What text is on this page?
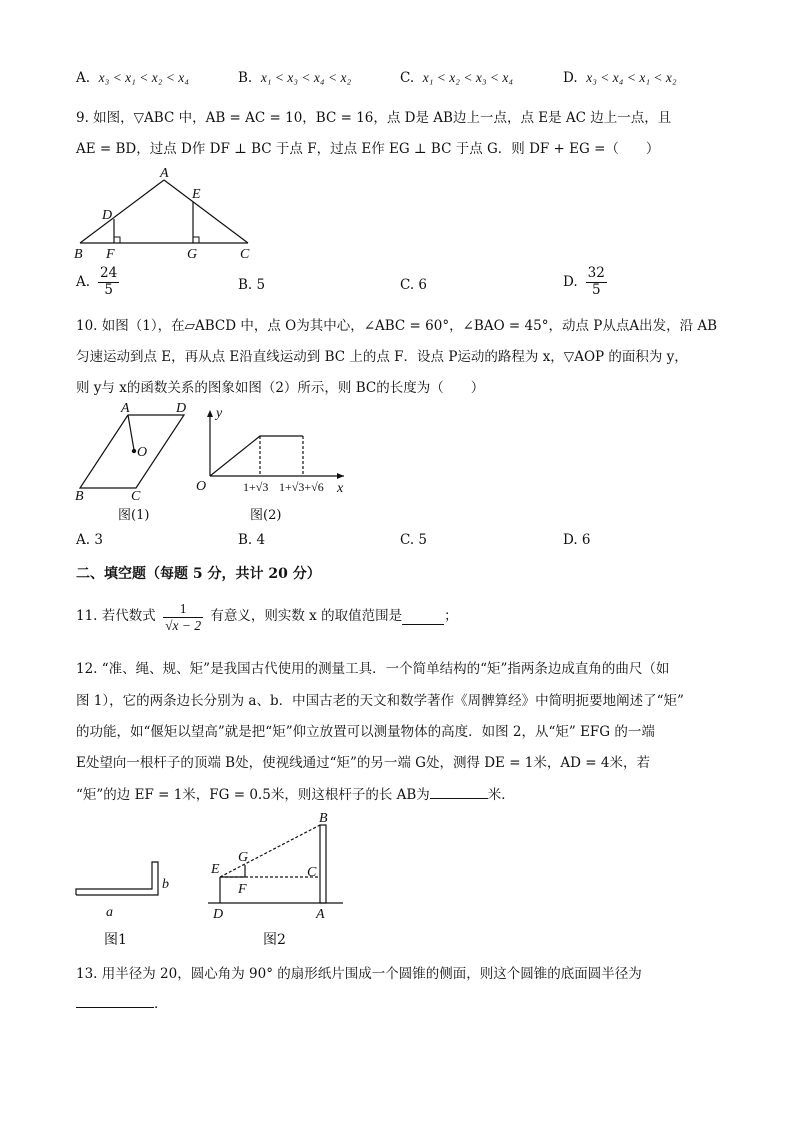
A. x₃ < x₁ < x₂ < x₄	B. x₁ < x₃ < x₄ < x₂	C. x₁ < x₂ < x₃ < x₄	D. x₃ < x₄ < x₁ < x₂
9. 如图，▽ABC 中，AB = AC = 10，BC = 16，点 D是 AB边上一点，点 E是 AC 边上一点，且
AE = BD，过点 D作 DF ⊥ BC 于点 F，过点 E作 EG ⊥ BC 于点 G．则 DF + EG =（　　）
A
E
D
B F	G	C
A. $\frac{24}{5}$	B. 5	C. 6	D. $\frac{32}{5}$
10. 如图（1），在▱ABCD 中，点 O为其中心，∠ABC = 60°，∠BAO = 45°，动点 P从点A出发，沿 AB
匀速运动到点 E，再从点 E沿直线运动到 BC 上的点 F．设点 P运动的路程为 x，▽AOP 的面积为 y，
则 y与 x的函数关系的图象如图（2）所示，则 BC的长度为（　　）
A	D
O
B	C
图(1)
y
x
O	1+√3 1+√3+√6
图(2)
A. 3	B. 4	C. 5	D. 6
二、填空题（每题 5 分，共计 20 分）
11. 若代数式 $\frac{1}{√x - 2}$ 有意义，则实数 x 的取值范围是	；
12. “准、绳、规、矩”是我国古代使用的测量工具．一个简单结构的“矩”指两条边成直角的曲尺（如
图 1），它的两条边长分别为 a、b．中国古老的天文和数学著作《周髀算经》中简明扼要地阐述了“矩”
的功能，如“偃矩以望高”就是把“矩”仰立放置可以测量物体的高度．如图 2，从“矩” EFG 的一端
E处望向一根杆子的顶端 B处，使视线通过“矩”的另一端 G处，测得 DE = 1米，AD = 4米，若
“矩”的边 EF = 1米，FG = 0.5米，则这根杆子的长 AB为	米．
a
b
图1
B
G
E	C
F
D	A
图2
13. 用半径为 20，圆心角为 90° 的扇形纸片围成一个圆锥的侧面，则这个圆锥的底面圆半径为
．
